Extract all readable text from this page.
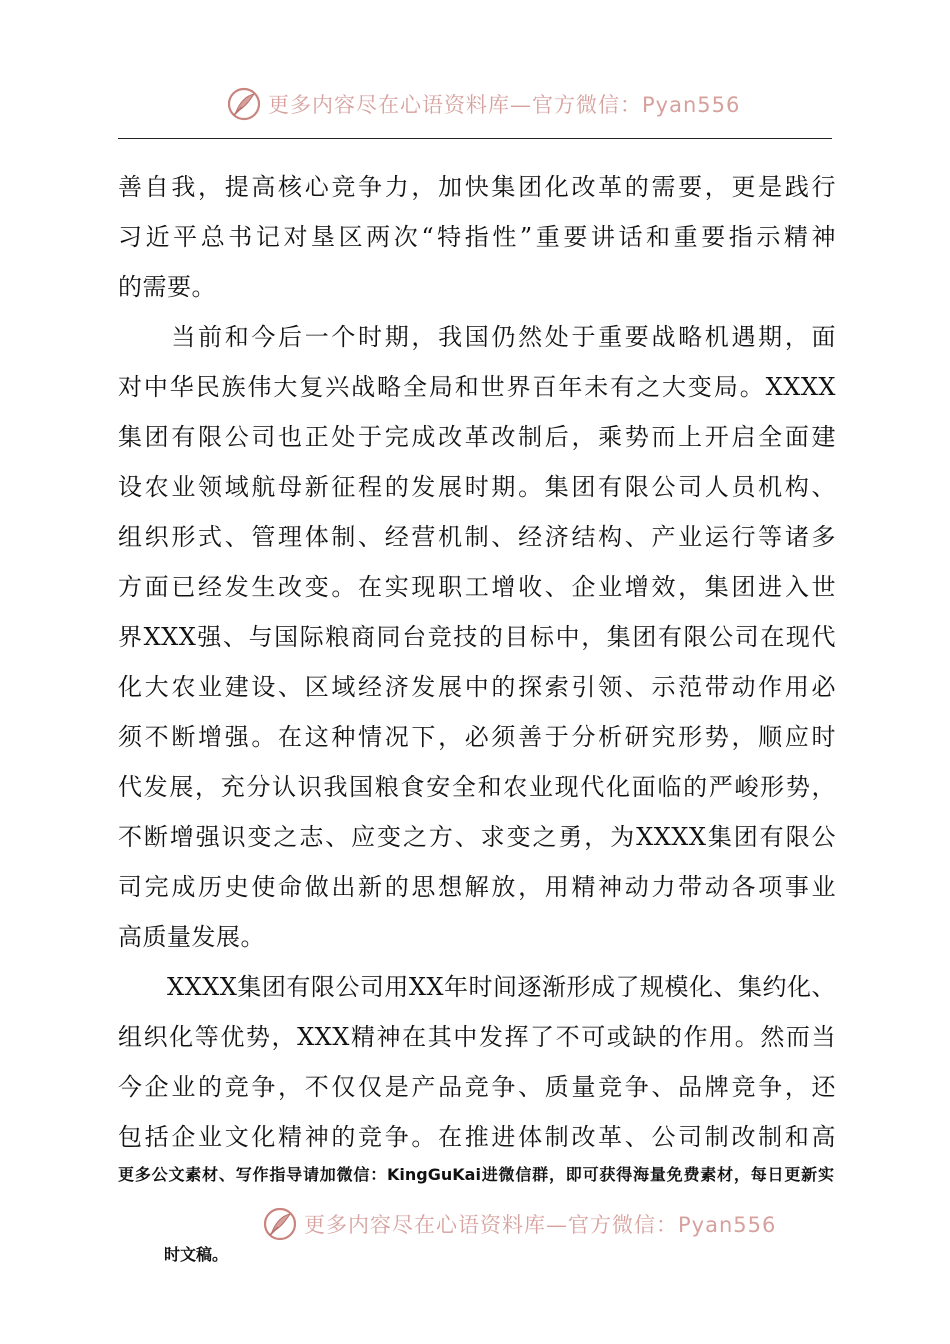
更多内容尽在心语资料库—官方微信：Pyan556
善自我，提高核心竞争力，加快集团化改革的需要，更是践行
习近平总书记对垦区两次“特指性”重要讲话和重要指示精神
的需要。
　　当前和今后一个时期，我国仍然处于重要战略机遇期，面
对中华民族伟大复兴战略全局和世界百年未有之大变局。XXXX
集团有限公司也正处于完成改革改制后，乘势而上开启全面建
设农业领域航母新征程的发展时期。集团有限公司人员机构、
组织形式、管理体制、经营机制、经济结构、产业运行等诸多
方面已经发生改变。在实现职工增收、企业增效，集团进入世
界XXX强、与国际粮商同台竞技的目标中，集团有限公司在现代
化大农业建设、区域经济发展中的探索引领、示范带动作用必
须不断增强。在这种情况下，必须善于分析研究形势，顺应时
代发展，充分认识我国粮食安全和农业现代化面临的严峻形势，
不断增强识变之志、应变之方、求变之勇，为XXXX集团有限公
司完成历史使命做出新的思想解放，用精神动力带动各项事业
高质量发展。
　　XXXX集团有限公司用XX年时间逐渐形成了规模化、集约化、
组织化等优势，XXX精神在其中发挥了不可或缺的作用。然而当
今企业的竞争，不仅仅是产品竞争、质量竞争、品牌竞争，还
包括企业文化精神的竞争。在推进体制改革、公司制改制和高
更多公文素材、写作指导请加微信：KingGuKai进微信群，即可获得海量免费素材，每日更新实
更多内容尽在心语资料库—官方微信：Pyan556
时文稿。
